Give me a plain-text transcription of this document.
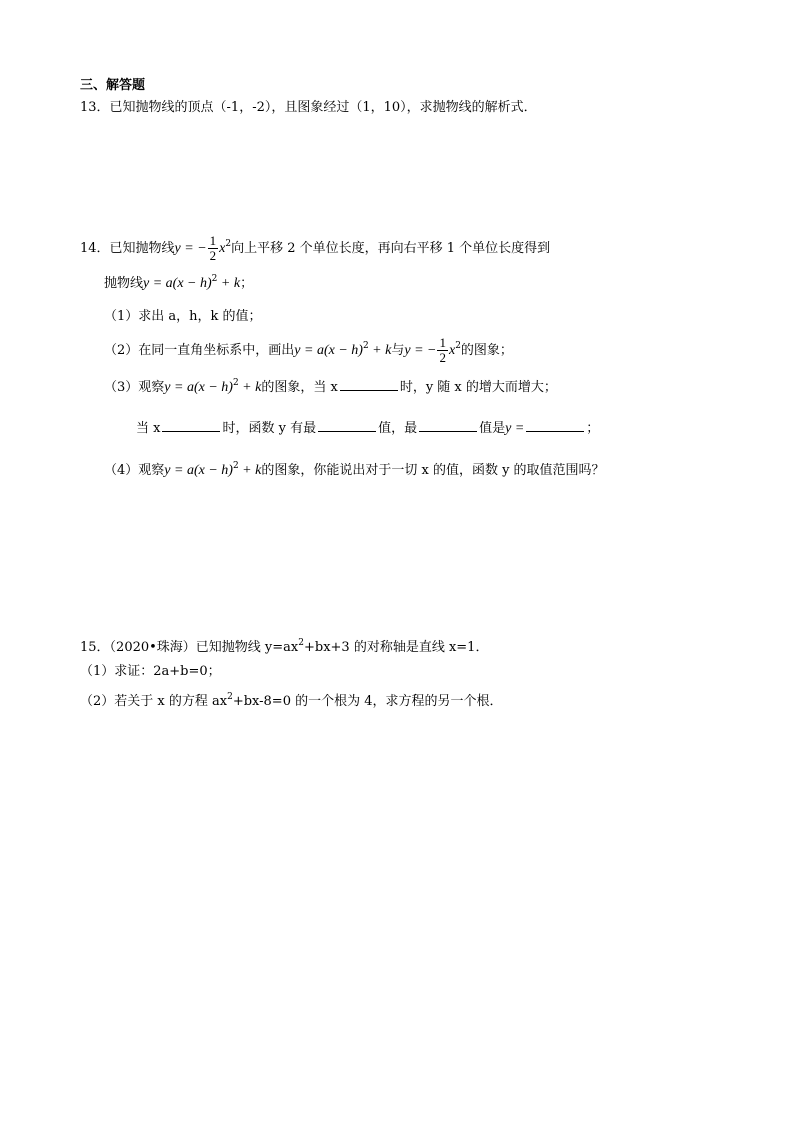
三、解答题
13．已知抛物线的顶点（-1，-2），且图象经过（1，10），求抛物线的解析式．
14．已知抛物线y = − $\frac{1}{2} x^2$向上平移 2 个单位长度，再向右平移 1 个单位长度得到
抛物线$y = a(x - h)^2 + k$；
（1）求出 a，h，k 的值；
（2）在同一直角坐标系中，画出$y = a(x - h)^2 + k$与y = − $\frac{1}{2} x^2$的图象；
（3）观察$y = a(x - h)^2 + k$的图象，当 x	时，y 随 x 的增大而增大；
当 x	时，函数 y 有最	值，最	值是y =	；
（4）观察$y = a(x - h)^2 + k$的图象，你能说出对于一切 x 的值，函数 y 的取值范围吗？
15．（2020•珠海）已知抛物线 $y=ax^2+bx+3$ 的对称轴是直线 x=1．
（1）求证：2a+b=0；
（2）若关于 x 的方程 $ax^2+bx-8=0$ 的一个根为 4，求方程的另一个根．
